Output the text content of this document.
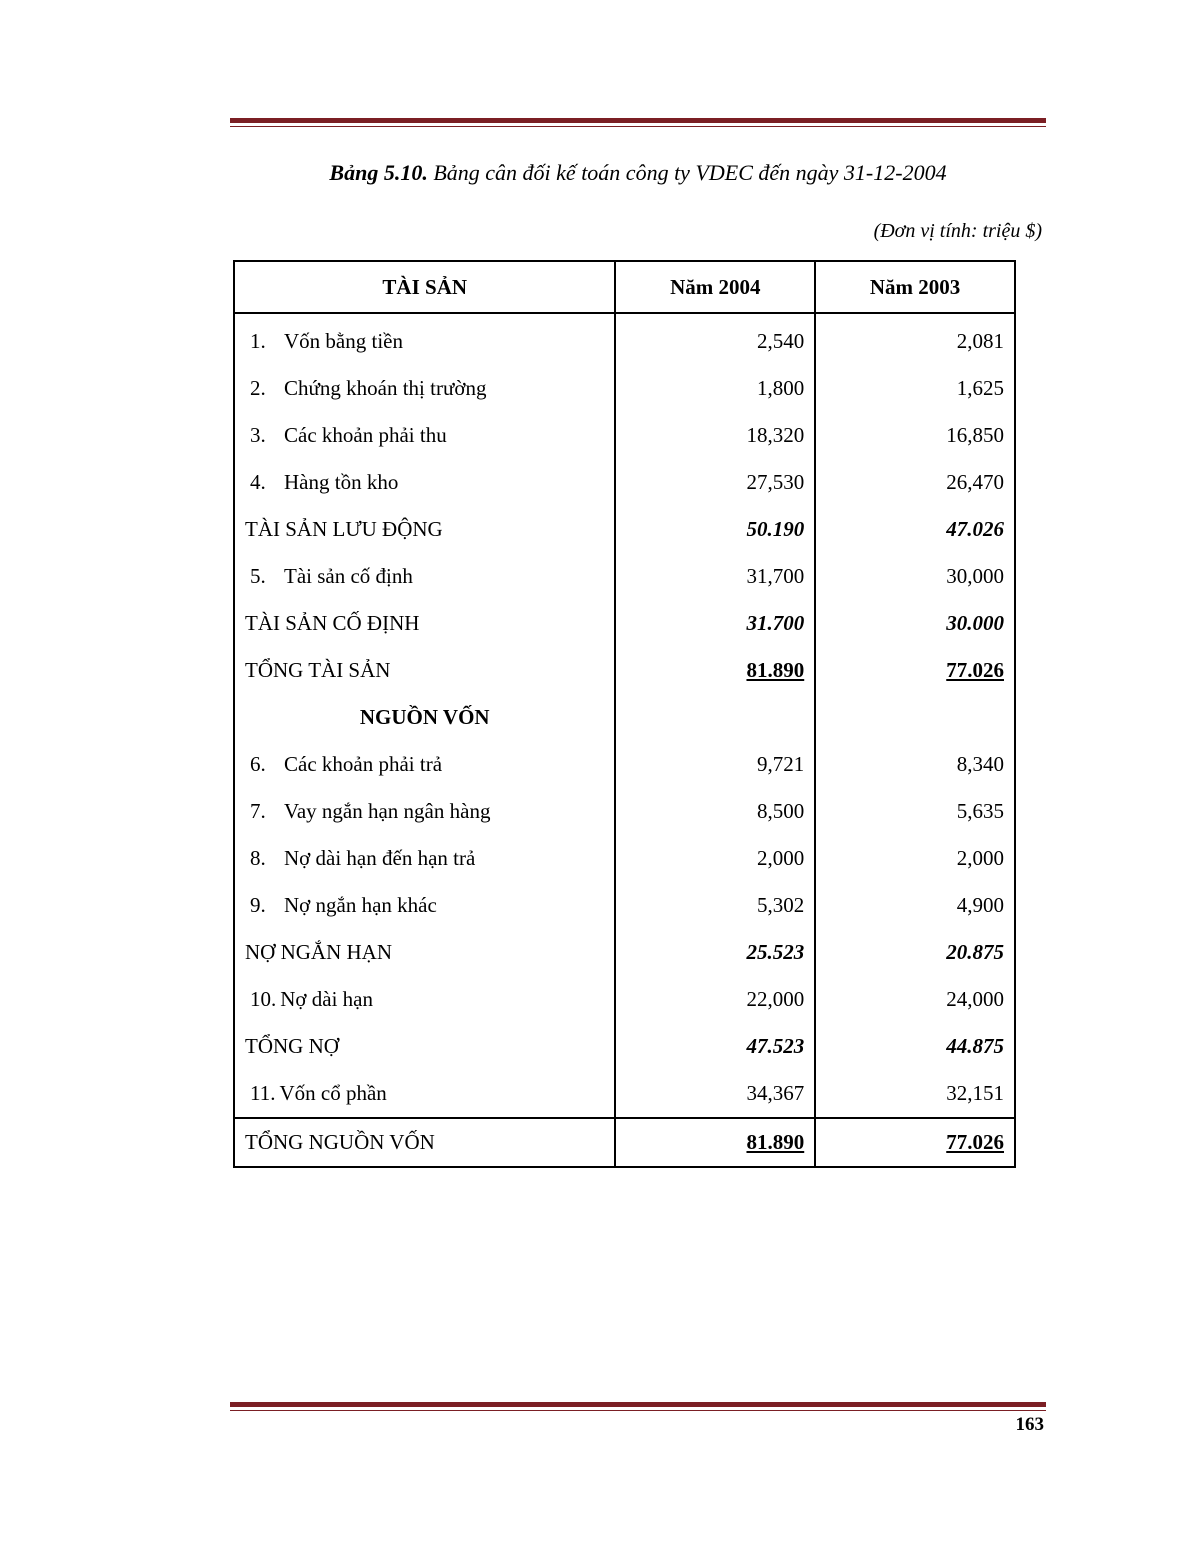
Bảng 5.10. Bảng cân đối kế toán công ty VDEC đến ngày 31-12-2004
(Đơn vị tính: triệu $)
TÀI SẢN	Năm 2004	Năm 2003
1. Vốn bằng tiền	2,540	2,081
2. Chứng khoán thị trường	1,800	1,625
3. Các khoản phải thu	18,320	16,850
4. Hàng tồn kho	27,530	26,470
TÀI SẢN LƯU ĐỘNG	50.190	47.026
5. Tài sản cố định	31,700	30,000
TÀI SẢN CỐ ĐỊNH	31.700	30.000
TỔNG TÀI SẢN	81.890	77.026
NGUỒN VỐN		
6. Các khoản phải trả	9,721	8,340
7. Vay ngắn hạn ngân hàng	8,500	5,635
8. Nợ dài hạn đến hạn trả	2,000	2,000
9. Nợ ngắn hạn khác	5,302	4,900
NỢ NGẮN HẠN	25.523	20.875
10. Nợ dài hạn	22,000	24,000
TỔNG NỢ	47.523	44.875
11. Vốn cổ phần	34,367	32,151
TỔNG NGUỒN VỐN	81.890	77.026
163
